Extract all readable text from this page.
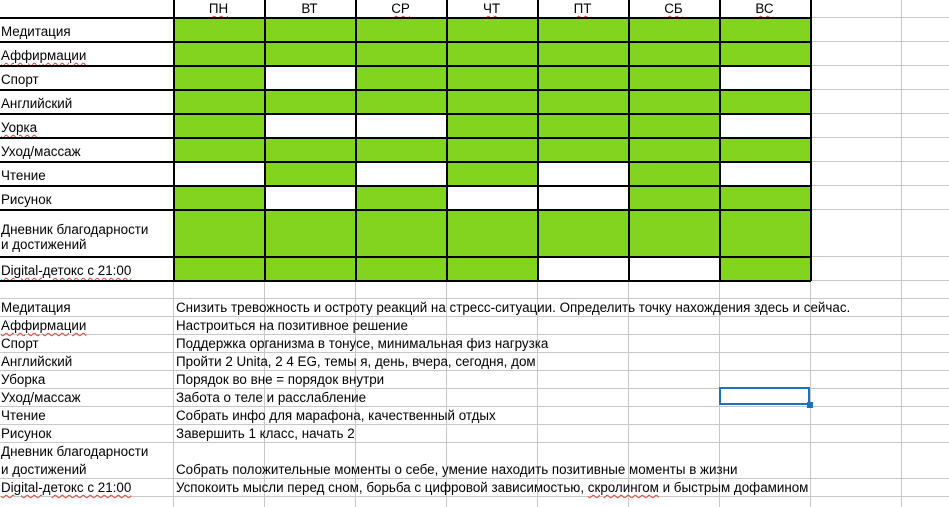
ПН	ВТ	СР	ЧТ	ПТ	СБ	ВС
Медитация
Аффирмации
Спорт
Английский
Уорка
Уход/массаж
Чтение
Рисунок
Дневник благодарности
и достижений
Digital-детокс с 21:00
Медитация	Снизить тревожность и остроту реакций на стресс-ситуации. Определить точку нахождения здесь и сейчас.
Аффирмации	Настроиться на позитивное решение
Спорт	Поддержка организма в тонусе, минимальная физ нагрузка
Английский	Пройти 2 Unita, 2 4 EG, темы я, день, вчера, сегодня, дом
Уборка	Порядок во вне = порядок внутри
Уход/массаж	Забота о теле и расслабление
Чтение	Собрать инфо для марафона, качественный отдых
Рисунок	Завершить 1 класс, начать 2
Дневник благодарности
и достижений	Собрать положительные моменты о себе, умение находить позитивные моменты в жизни
Digital-детокс с 21:00	Успокоить мысли перед сном, борьба с цифровой зависимостью, скролингом и быстрым дофамином
